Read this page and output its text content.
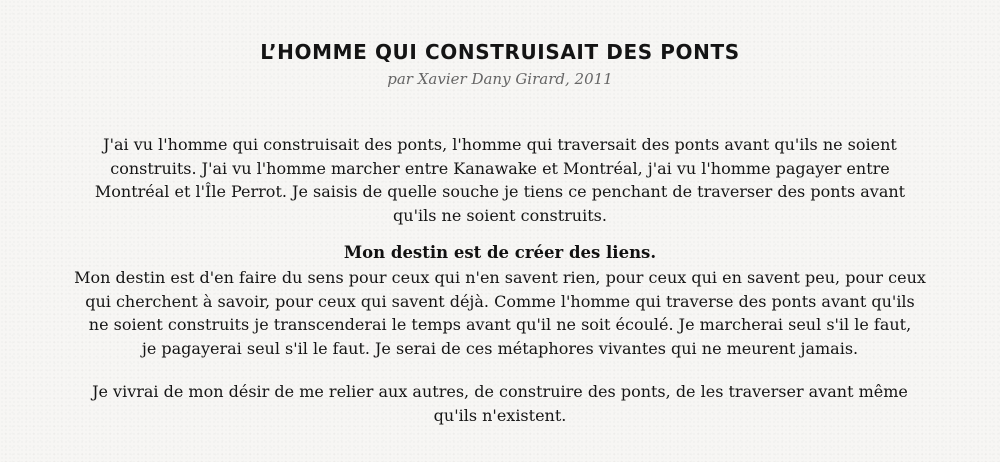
L’HOMME QUI CONSTRUISAIT DES PONTS

par Xavier Dany Girard, 2011

J'ai vu l'homme qui construisait des ponts, l'homme qui traversait des ponts avant qu'ils ne soient
construits. J'ai vu l'homme marcher entre Kanawake et Montréal, j'ai vu l'homme pagayer entre
Montréal et l'Île Perrot. Je saisis de quelle souche je tiens ce penchant de traverser des ponts avant
qu'ils ne soient construits.

Mon destin est de créer des liens.

Mon destin est d'en faire du sens pour ceux qui n'en savent rien, pour ceux qui en savent peu, pour ceux
qui cherchent à savoir, pour ceux qui savent déjà. Comme l'homme qui traverse des ponts avant qu'ils
ne soient construits je transcenderai le temps avant qu'il ne soit écoulé. Je marcherai seul s'il le faut,
je pagayerai seul s'il le faut. Je serai de ces métaphores vivantes qui ne meurent jamais.

Je vivrai de mon désir de me relier aux autres, de construire des ponts, de les traverser avant même
qu'ils n'existent.
